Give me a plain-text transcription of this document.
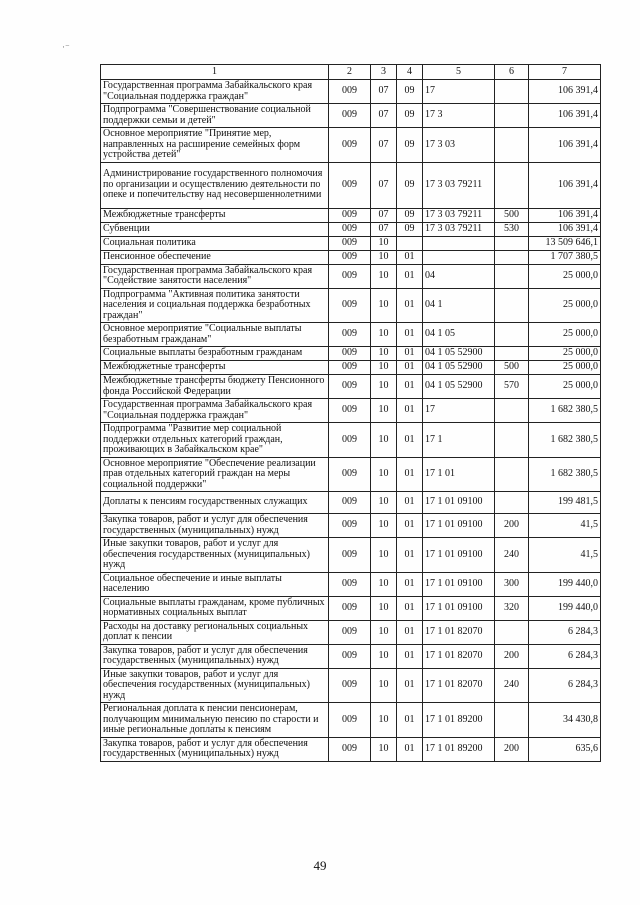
·⁻
1	2	3	4	5	6	7
Государственная программа Забайкальского края "Социальная поддержка граждан"	009	07	09	17		106 391,4
Подпрограмма "Совершенствование социальной поддержки семьи и детей"	009	07	09	17 3		106 391,4
Основное мероприятие "Принятие мер, направленных на расширение семейных форм устройства детей"	009	07	09	17 3 03		106 391,4
Администрирование государственного полномочия по организации и осуществлению деятельности по опеке и попечительству над несовершеннолетними	009	07	09	17 3 03 79211		106 391,4
Межбюджетные трансферты	009	07	09	17 3 03 79211	500	106 391,4
Субвенции	009	07	09	17 3 03 79211	530	106 391,4
Социальная политика	009	10				13 509 646,1
Пенсионное обеспечение	009	10	01			1 707 380,5
Государственная программа Забайкальского края "Содействие занятости населения"	009	10	01	04		25 000,0
Подпрограмма "Активная политика занятости населения и социальная поддержка безработных граждан"	009	10	01	04 1		25 000,0
Основное мероприятие "Социальные выплаты безработным гражданам"	009	10	01	04 1 05		25 000,0
Социальные выплаты безработным гражданам	009	10	01	04 1 05 52900		25 000,0
Межбюджетные трансферты	009	10	01	04 1 05 52900	500	25 000,0
Межбюджетные трансферты бюджету Пенсионного фонда Российской Федерации	009	10	01	04 1 05 52900	570	25 000,0
Государственная программа Забайкальского края "Социальная поддержка граждан"	009	10	01	17		1 682 380,5
Подпрограмма "Развитие мер социальной поддержки отдельных категорий граждан, проживающих в Забайкальском крае"	009	10	01	17 1		1 682 380,5
Основное мероприятие "Обеспечение реализации прав отдельных категорий граждан на меры социальной поддержки"	009	10	01	17 1 01		1 682 380,5
Доплаты к пенсиям государственных служащих	009	10	01	17 1 01 09100		199 481,5
Закупка товаров, работ и услуг для обеспечения государственных (муниципальных) нужд	009	10	01	17 1 01 09100	200	41,5
Иные закупки товаров, работ и услуг для обеспечения государственных (муниципальных) нужд	009	10	01	17 1 01 09100	240	41,5
Социальное обеспечение и иные выплаты населению	009	10	01	17 1 01 09100	300	199 440,0
Социальные выплаты гражданам, кроме публичных нормативных социальных выплат	009	10	01	17 1 01 09100	320	199 440,0
Расходы на доставку региональных социальных доплат к пенсии	009	10	01	17 1 01 82070		6 284,3
Закупка товаров, работ и услуг для обеспечения государственных (муниципальных) нужд	009	10	01	17 1 01 82070	200	6 284,3
Иные закупки товаров, работ и услуг для обеспечения государственных (муниципальных) нужд	009	10	01	17 1 01 82070	240	6 284,3
Региональная доплата к пенсии пенсионерам, получающим минимальную пенсию по старости и иные региональные доплаты к пенсиям	009	10	01	17 1 01 89200		34 430,8
Закупка товаров, работ и услуг для обеспечения государственных (муниципальных) нужд	009	10	01	17 1 01 89200	200	635,6
49
